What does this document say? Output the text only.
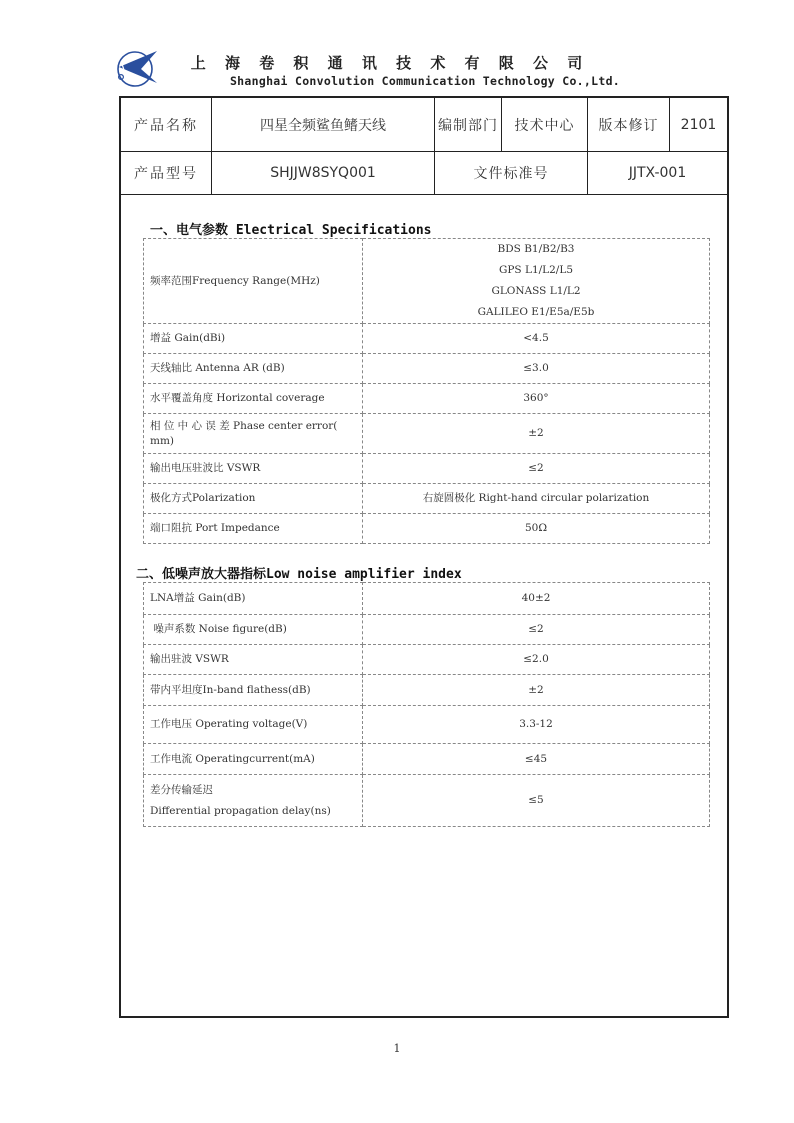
上 海 卷 积 通 讯 技 术 有 限 公 司
Shanghai Convolution Communication Technology Co.,Ltd.
产品名称	四星全频鲨鱼鳍天线	编制部门	技术中心	版本修订	2101
产品型号	SHJJW8SYQ001	文件标准号	JJTX-001
一、电气参数 Electrical Specifications
频率范围Frequency Range(MHz)	BDS B1/B2/B3
GPS L1/L2/L5
GLONASS L1/L2
GALILEO E1/E5a/E5b

增益 Gain(dBi)	<4.5
天线轴比 Antenna AR (dB)	≤3.0
水平覆盖角度 Horizontal coverage	360°
相 位 中 心 误 差 Phase center error( mm)	±2
输出电压驻波比 VSWR	≤2
极化方式Polarization	右旋圆极化 Right-hand circular polarization
端口阻抗 Port Impedance	50Ω
二、低噪声放大器指标Low noise amplifier index
LNA增益 Gain(dB)	40±2
噪声系数 Noise figure(dB)	≤2
输出驻波 VSWR	≤2.0
带内平坦度In-band flathess(dB)	±2
工作电压 Operating voltage(V)	3.3-12
工作电流 Operatingcurrent(mA)	≤45

差分传输延迟
Differential propagation delay(ns)	≤5
1
